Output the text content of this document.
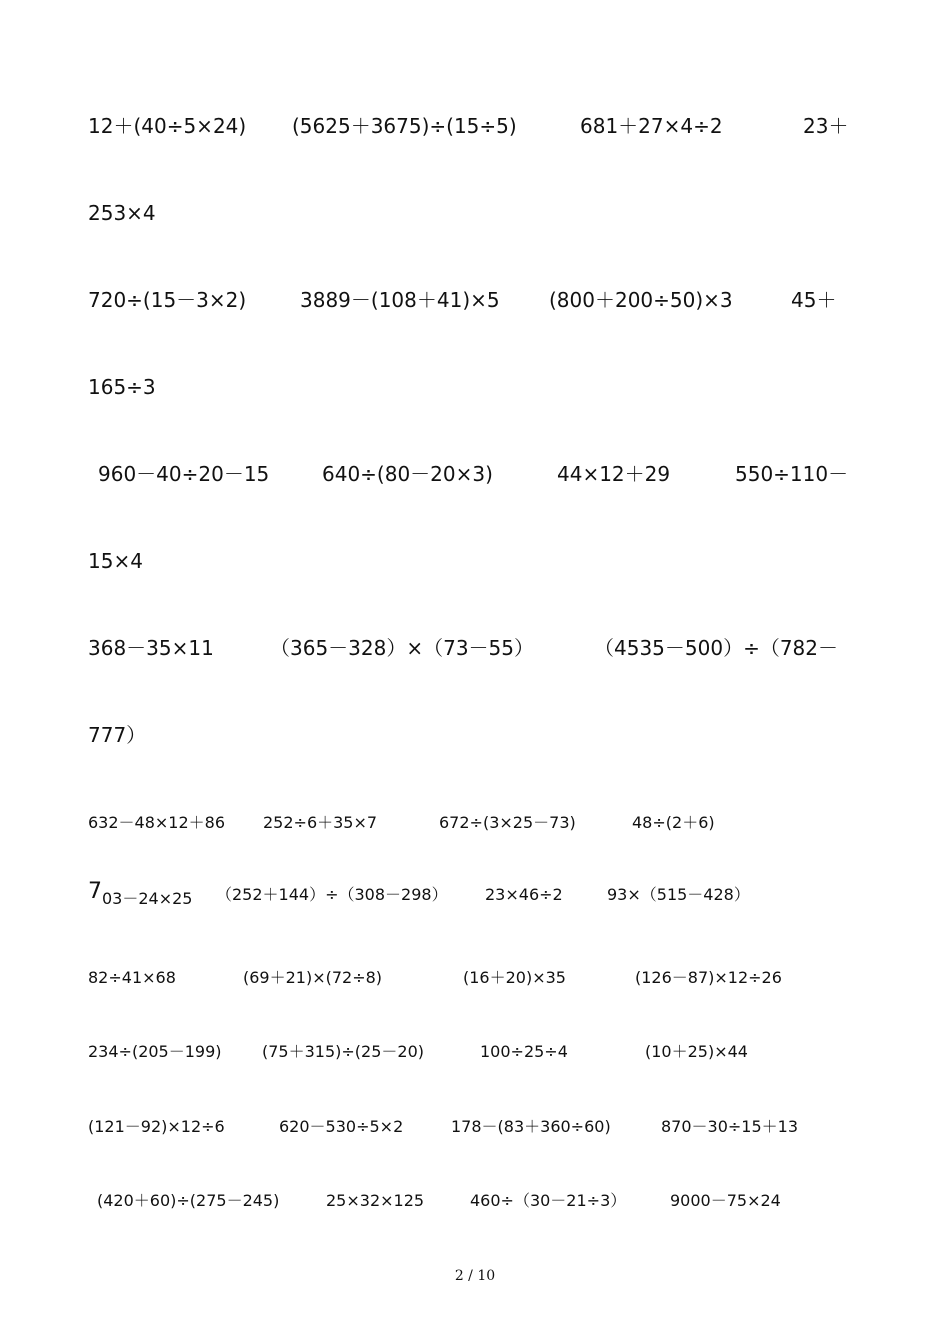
12＋(40÷5×24) (5625＋3675)÷(15÷5)	681＋27×4÷2	23＋
253×4
720÷(15－3×2)	3889－(108＋41)×5 (800＋200÷50)×3	45＋
165÷3
960－40÷20－15	640÷(80－20×3)	44×12＋29	550÷110－
15×4
368－35×11	（365－328）×（73－55）	（4535－500）÷（782－
777）
632－48×12＋86 252÷6＋35×7	672÷(3×25－73)	48÷(2＋6)
703－24×25 （252＋144）÷（308－298） 23×46÷2	93×（515－428）
82÷41×68	(69＋21)×(72÷8)	(16＋20)×35	(126－87)×12÷26
234÷(205－199)	(75＋315)÷(25－20)	100÷25÷4	(10＋25)×44
(121－92)×12÷6	620－530÷5×2	178－(83＋360÷60)	870－30÷15＋13
(420＋60)÷(275－245)	25×32×125	460÷（30－21÷3）	9000－75×24
2 / 10
